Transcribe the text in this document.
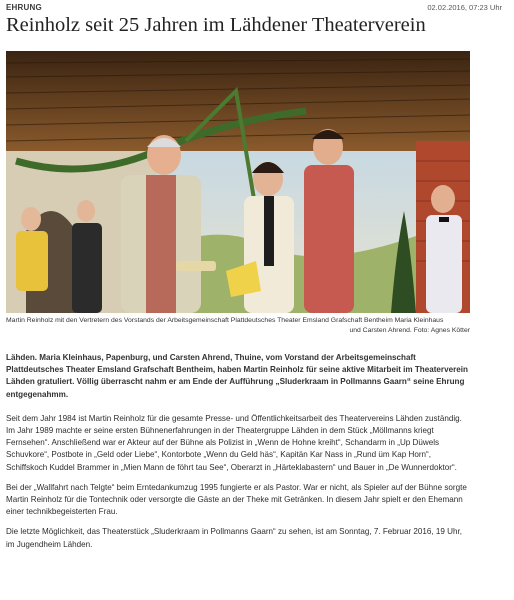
EHRUNG	02.02.2016, 07:23 Uhr
Reinholz seit 25 Jahren im Lähdener Theaterverein

Martin Reinholz mit den Vertretern des Vorstands der Arbeitsgemeinschaft Plattdeutsches Theater Emsland Grafschaft Bentheim Maria Kleinhaus
und Carsten Ahrend. Foto: Agnes Kötter

Lähden. Maria Kleinhaus, Papenburg, und Carsten Ahrend, Thuine, vom Vorstand der Arbeitsgemeinschaft Plattdeutsches Theater Emsland Grafschaft Bentheim, haben Martin Reinholz für seine aktive Mitarbeit im Theaterverein Lähden gratuliert. Völlig überrascht nahm er am Ende der Aufführung „Sluderkraam in Pollmanns Gaarn“ seine Ehrung entgegenahmm.

Seit dem Jahr 1984 ist Martin Reinholz für die gesamte Presse- und Öffentlichkeitsarbeit des Theatervereins Lähden zuständig. Im Jahr 1989 machte er seine ersten Bühnenerfahrungen in der Theatergruppe Lähden in dem Stück „Möllmanns kriegt Fernsehen“. Anschließend war er Akteur auf der Bühne als Polizist in „Wenn de Hohne kreiht“, Schandarm in „Up Düwels Schuvkore“, Postbote in „Geld oder Liebe“, Kontorbote „Wenn du Geld häs“, Kapitän Kar Nass in „Rund üm Kap Horn“, Schiffskoch Kuddel Brammer in „Mien Mann de föhrt tau See“, Oberarzt in „Härteklabastern“ und Bauer in „De Wunnerdoktor“.

Bei der „Wallfahrt nach Telgte“ beim Erntedankumzug 1995 fungierte er als Pastor. War er nicht, als Spieler auf der Bühne sorgte Martin Reinholz für die Tontechnik oder versorgte die Gäste an der Theke mit Getränken. In diesem Jahr spielt er den Ehemann einer technikbegeisterten Frau.

Die letzte Möglichkeit, das Theaterstück „Sluderkraam in Pollmanns Gaarn“ zu sehen, ist am Sonntag, 7. Februar 2016, 19 Uhr, im Jugendheim Lähden.
